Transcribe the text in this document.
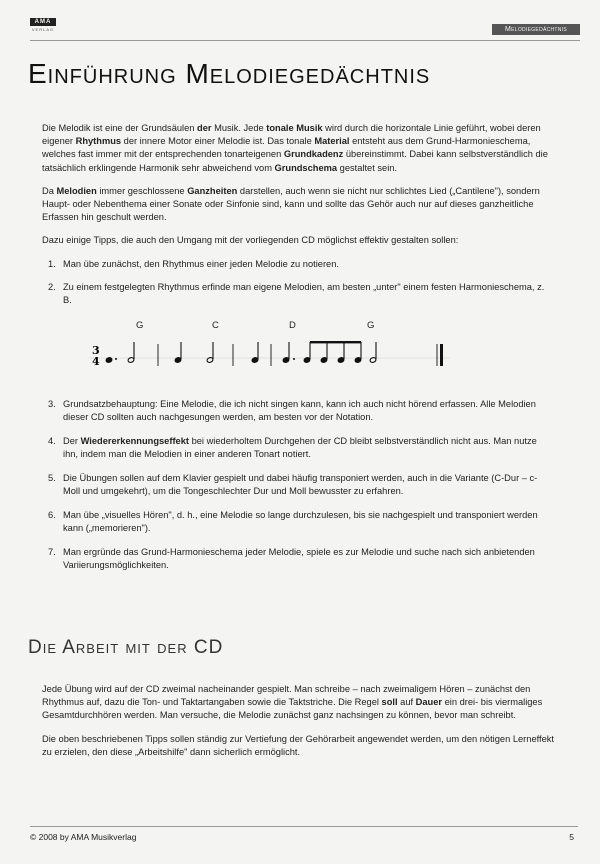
AMA
VERLAG	Melodiegedächtnis
Einführung Melodiegedächtnis

Die Melodik ist eine der Grundsäulen der Musik. Jede tonale Musik wird durch die horizontale Linie geführt, wobei deren eigener Rhythmus der innere Motor einer Melodie ist. Das tonale Material entsteht aus dem Grund-Harmonieschema, welches fast immer mit der entsprechenden tonarteigenen Grundkadenz übereinstimmt. Dabei kann selbstverständlich die tatsächlich erklingende Harmonik sehr abweichend vom Grundschema gestaltet sein.

Da Melodien immer geschlossene Ganzheiten darstellen, auch wenn sie nicht nur schlichtes Lied („Cantilene"), sondern Haupt- oder Nebenthema einer Sonate oder Sinfonie sind, kann und sollte das Gehör auch nur auf dieses ganzheitliche Erfassen hin geschult werden.

Dazu einige Tipps, die auch den Umgang mit der vorliegenden CD möglichst effektiv gestalten sollen:

1. Man übe zunächst, den Rhythmus einer jeden Melodie zu notieren.
2. Zu einem festgelegten Rhythmus erfinde man eigene Melodien, am besten „unter" einem festen Harmonieschema, z. B.
G	C	D	G
3
4
3. Grundsatzbehauptung: Eine Melodie, die ich nicht singen kann, kann ich auch nicht hörend erfassen. Alle Melodien dieser CD sollten auch nachgesungen werden, am besten vor der Notation.
4. Der Wiedererkennungseffekt bei wiederholtem Durchgehen der CD bleibt selbstverständlich nicht aus. Man nutze ihn, indem man die Melodien in einer anderen Tonart notiert.
5. Die Übungen sollen auf dem Klavier gespielt und dabei häufig transponiert werden, auch in die Variante (C-Dur – c-Moll und umgekehrt), um die Tongeschlechter Dur und Moll bewusster zu erfahren.
6. Man übe „visuelles Hören", d. h., eine Melodie so lange durchzulesen, bis sie nachgespielt und transponiert werden kann („memorieren").
7. Man ergründe das Grund-Harmonieschema jeder Melodie, spiele es zur Melodie und suche nach sich anbietenden Variierungsmöglichkeiten.
Die Arbeit mit der CD

Jede Übung wird auf der CD zweimal nacheinander gespielt. Man schreibe – nach zweimaligem Hören – zunächst den Rhythmus auf, dazu die Ton- und Taktartangaben sowie die Taktstriche. Die Regel soll auf Dauer ein drei- bis viermaliges Gesamtdurchhören werden. Man versuche, die Melodie zunächst ganz nachsingen zu können, bevor man schreibt.

Die oben beschriebenen Tipps sollen ständig zur Vertiefung der Gehörarbeit angewendet werden, um den nötigen Lerneffekt zu erzielen, den diese „Arbeitshilfe" dann sicherlich ermöglicht.

© 2008 by AMA Musikverlag	5
